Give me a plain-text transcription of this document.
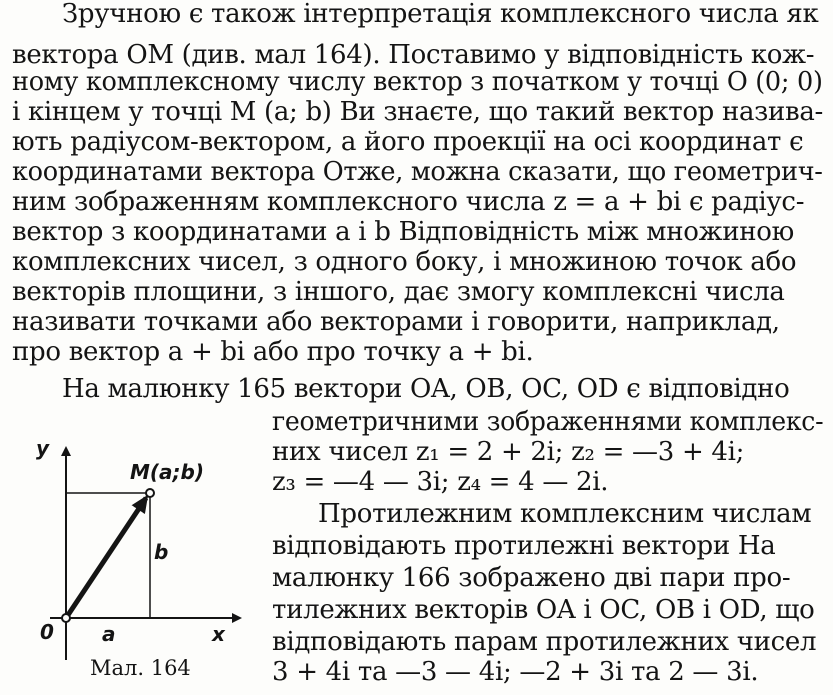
Зручною є також інтерпретація комплексного числа як
вектора OM (див. мал 164). Поставимо у відповідність кож-
ному комплексному числу вектор з початком у точці O (0; 0)
і кінцем у точці M (a; b) Ви знаєте, що такий вектор назива-
ють радіусом-вектором, а його проекції на осі координат є
координатами вектора Отже, можна сказати, що геометрич-
ним зображенням комплексного числа z = a + bi є радіус-
вектор з координатами a і b Відповідність між множиною
комплексних чисел, з одного боку, і множиною точок або
векторів площини, з іншого, дає змогу комплексні числа
називати точками або векторами і говорити, наприклад,
про вектор a + bi або про точку a + bi.
На малюнку 165 вектори OA, OB, OC, OD є відповідно
геометричними зображеннями комплекс-
них чисел z₁ = 2 + 2i; z₂ = —3 + 4i;
z₃ = —4 — 3i; z₄ = 4 — 2i.
Протилежним комплексним числам
відповідають протилежні вектори На
малюнку 166 зображено дві пари про-
тилежних векторів OA і OC, OB і OD, що
відповідають парам протилежних чисел
3 + 4i та —3 — 4i; —2 + 3i та 2 — 3i.
y
x
0
M(a;b)
a
b
Мал. 164
